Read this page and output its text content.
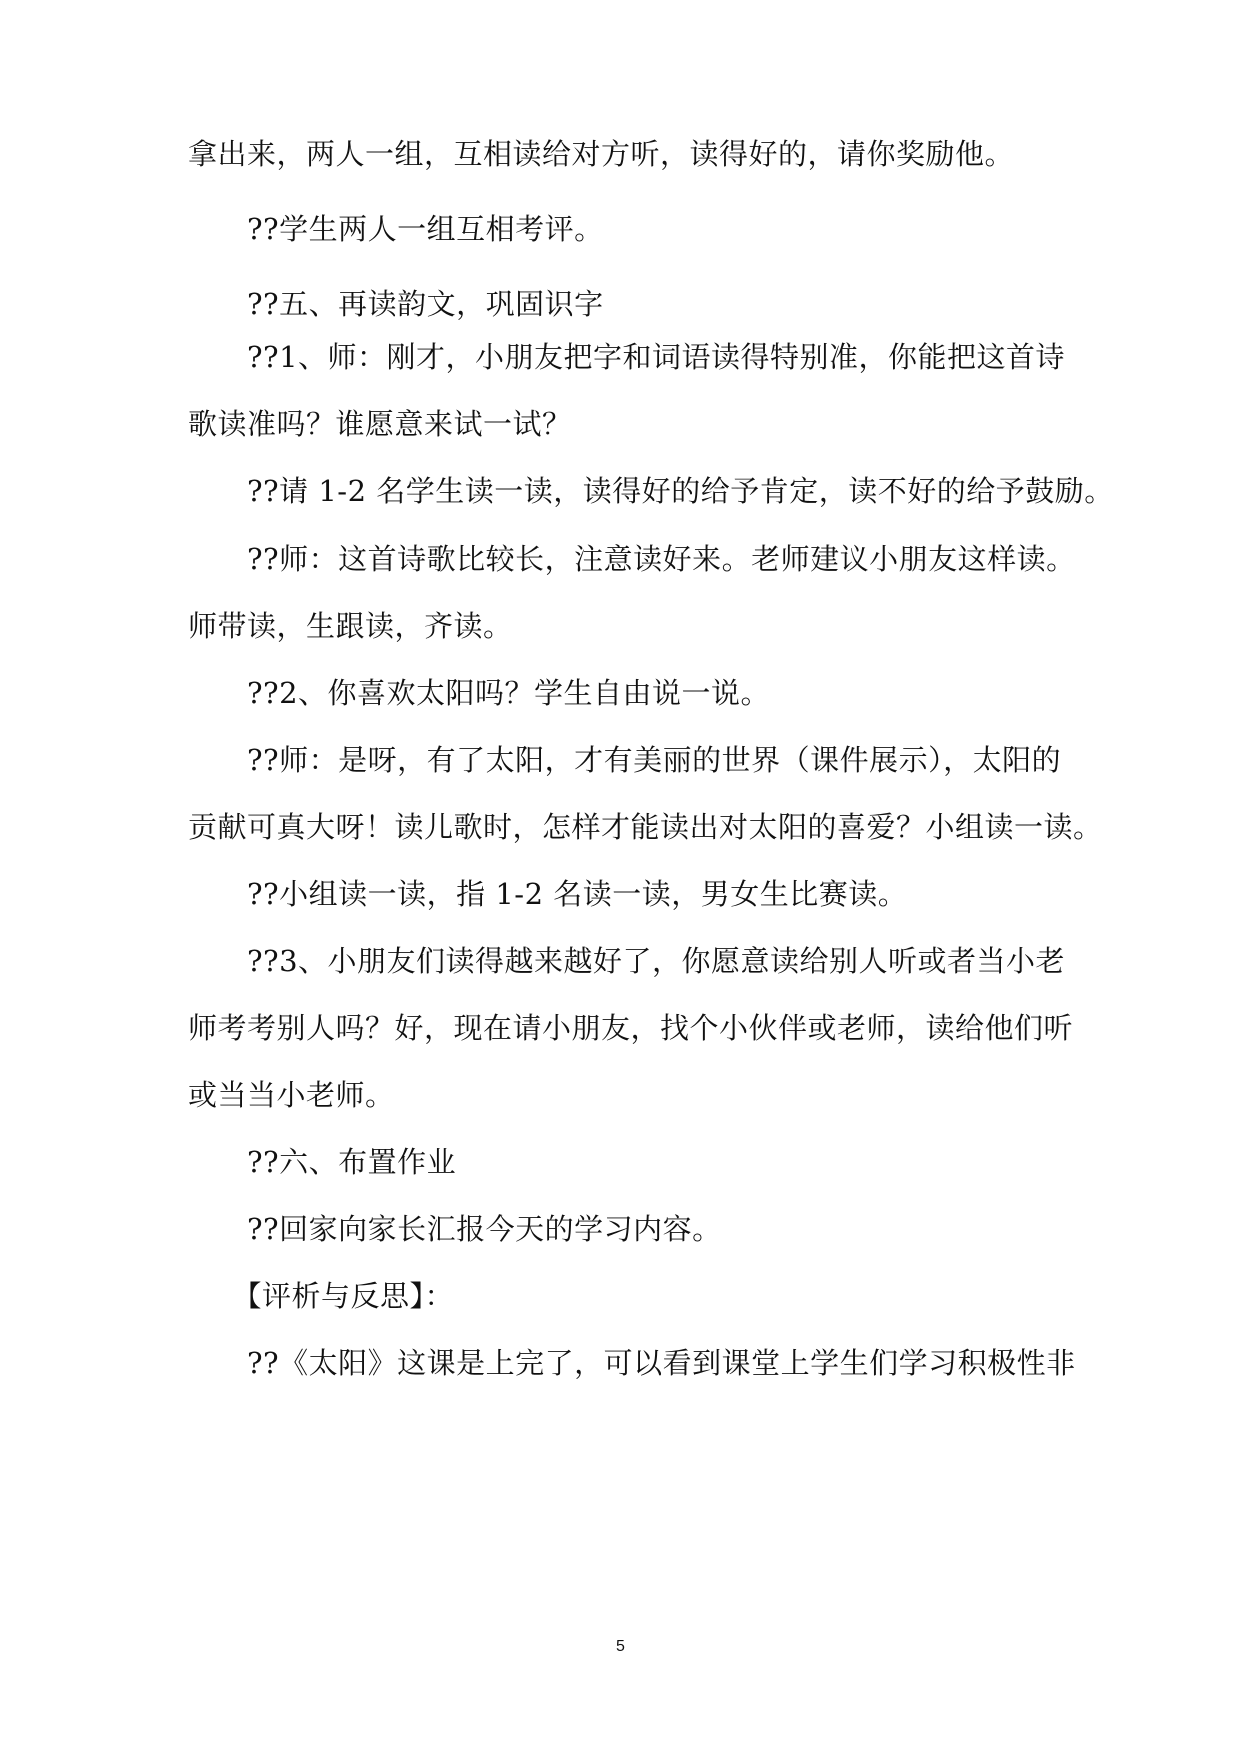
拿出来，两人一组，互相读给对方听，读得好的，请你奖励他。
　　??学生两人一组互相考评。
　　??五、再读韵文，巩固识字
　　??1、师：刚才，小朋友把字和词语读得特别准，你能把这首诗
歌读准吗？谁愿意来试一试？
　　??请 1-2 名学生读一读，读得好的给予肯定，读不好的给予鼓励。
　　??师：这首诗歌比较长，注意读好来。老师建议小朋友这样读。
师带读，生跟读，齐读。
　　??2、你喜欢太阳吗？学生自由说一说。
　　??师：是呀，有了太阳，才有美丽的世界（课件展示），太阳的
贡献可真大呀！读儿歌时，怎样才能读出对太阳的喜爱？小组读一读。
　　??小组读一读，指 1-2 名读一读，男女生比赛读。
　　??3、小朋友们读得越来越好了，你愿意读给别人听或者当小老
师考考别人吗？好，现在请小朋友，找个小伙伴或老师，读给他们听
或当当小老师。
　　??六、布置作业
　　??回家向家长汇报今天的学习内容。
　　【评析与反思】：
　　??《太阳》这课是上完了，可以看到课堂上学生们学习积极性非
5
